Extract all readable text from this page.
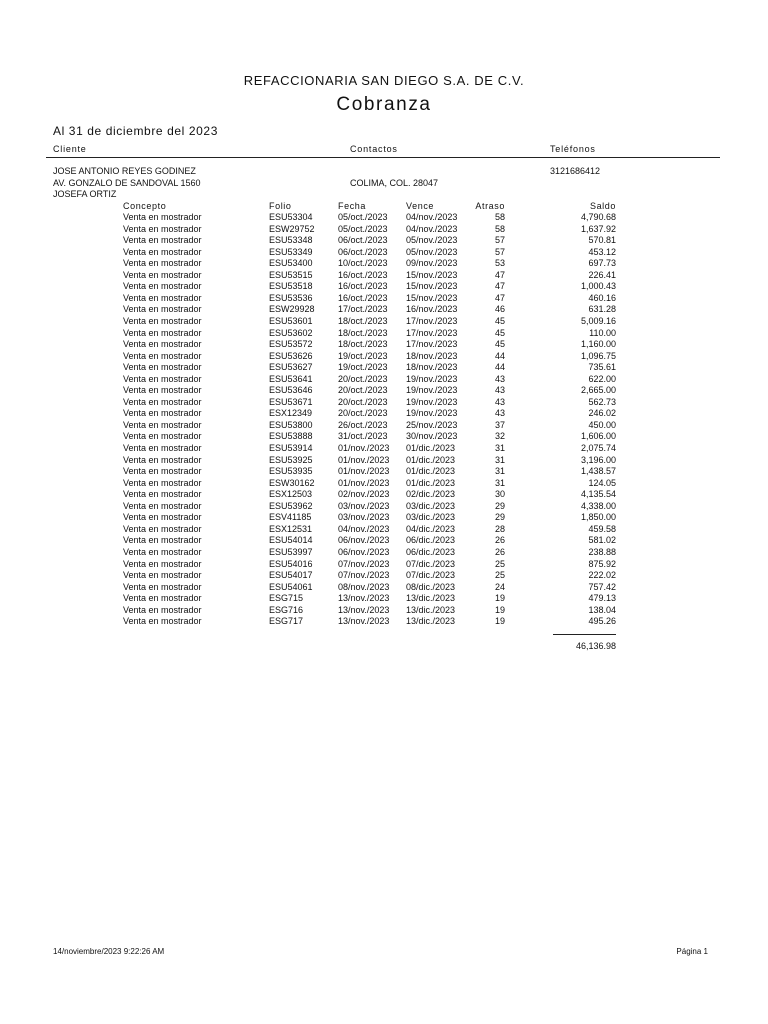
REFACCIONARIA SAN DIEGO S.A. DE C.V.
Cobranza
Al 31 de diciembre del 2023
Cliente	Contactos	Teléfonos
JOSE ANTONIO REYES GODINEZ	3121686412
AV. GONZALO DE SANDOVAL 1560	COLIMA, COL. 28047
JOSEFA ORTIZ
Concepto	Folio	Fecha	Vence	Atraso	Saldo
Venta en mostrador	ESU53304	05/oct./2023 04/nov./2023	58	4,790.68
Venta en mostrador	ESW29752	05/oct./2023 04/nov./2023	58	1,637.92
Venta en mostrador	ESU53348	06/oct./2023 05/nov./2023	57	570.81
Venta en mostrador	ESU53349	06/oct./2023 05/nov./2023	57	453.12
Venta en mostrador	ESU53400	10/oct./2023 09/nov./2023	53	697.73
Venta en mostrador	ESU53515	16/oct./2023 15/nov./2023	47	226.41
Venta en mostrador	ESU53518	16/oct./2023 15/nov./2023	47	1,000.43
Venta en mostrador	ESU53536	16/oct./2023 15/nov./2023	47	460.16
Venta en mostrador	ESW29928	17/oct./2023 16/nov./2023	46	631.28
Venta en mostrador	ESU53601	18/oct./2023 17/nov./2023	45	5,009.16
Venta en mostrador	ESU53602	18/oct./2023 17/nov./2023	45	110.00
Venta en mostrador	ESU53572	18/oct./2023 17/nov./2023	45	1,160.00
Venta en mostrador	ESU53626	19/oct./2023 18/nov./2023	44	1,096.75
Venta en mostrador	ESU53627	19/oct./2023 18/nov./2023	44	735.61
Venta en mostrador	ESU53641	20/oct./2023 19/nov./2023	43	622.00
Venta en mostrador	ESU53646	20/oct./2023 19/nov./2023	43	2,665.00
Venta en mostrador	ESU53671	20/oct./2023 19/nov./2023	43	562.73
Venta en mostrador	ESX12349	20/oct./2023 19/nov./2023	43	246.02
Venta en mostrador	ESU53800	26/oct./2023 25/nov./2023	37	450.00
Venta en mostrador	ESU53888	31/oct./2023 30/nov./2023	32	1,606.00
Venta en mostrador	ESU53914	01/nov./2023 01/dic./2023	31	2,075.74
Venta en mostrador	ESU53925	01/nov./2023 01/dic./2023	31	3,196.00
Venta en mostrador	ESU53935	01/nov./2023 01/dic./2023	31	1,438.57
Venta en mostrador	ESW30162	01/nov./2023 01/dic./2023	31	124.05
Venta en mostrador	ESX12503	02/nov./2023 02/dic./2023	30	4,135.54
Venta en mostrador	ESU53962	03/nov./2023 03/dic./2023	29	4,338.00
Venta en mostrador	ESV41185	03/nov./2023 03/dic./2023	29	1,850.00
Venta en mostrador	ESX12531	04/nov./2023 04/dic./2023	28	459.58
Venta en mostrador	ESU54014	06/nov./2023 06/dic./2023	26	581.02
Venta en mostrador	ESU53997	06/nov./2023 06/dic./2023	26	238.88
Venta en mostrador	ESU54016	07/nov./2023 07/dic./2023	25	875.92
Venta en mostrador	ESU54017	07/nov./2023 07/dic./2023	25	222.02
Venta en mostrador	ESU54061	08/nov./2023 08/dic./2023	24	757.42
Venta en mostrador	ESG715	13/nov./2023 13/dic./2023	19	479.13
Venta en mostrador	ESG716	13/nov./2023 13/dic./2023	19	138.04
Venta en mostrador	ESG717	13/nov./2023 13/dic./2023	19	495.26
46,136.98
14/noviembre/2023 9:22:26 AM	Página 1
